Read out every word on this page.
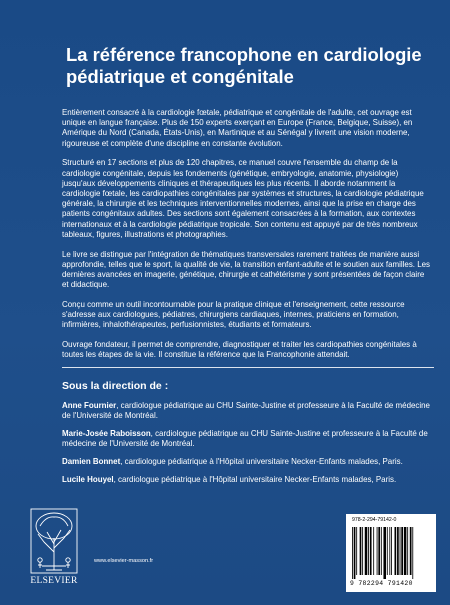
La référence francophone en cardiologie pédiatrique et congénitale

Entièrement consacré à la cardiologie fœtale, pédiatrique et congénitale de l'adulte, cet ouvrage est unique en langue française. Plus de 150 experts exerçant en Europe (France, Belgique, Suisse), en Amérique du Nord (Canada, États-Unis), en Martinique et au Sénégal y livrent une vision moderne, rigoureuse et complète d'une discipline en constante évolution.

Structuré en 17 sections et plus de 120 chapitres, ce manuel couvre l'ensemble du champ de la cardiologie congénitale, depuis les fondements (génétique, embryologie, anatomie, physiologie) jusqu'aux développements cliniques et thérapeutiques les plus récents. Il aborde notamment la cardiologie fœtale, les cardiopathies congénitales par systèmes et structures, la cardiologie pédiatrique générale, la chirurgie et les techniques interventionnelles modernes, ainsi que la prise en charge des patients congénitaux adultes. Des sections sont également consacrées à la formation, aux contextes internationaux et à la cardiologie pédiatrique tropicale. Son contenu est appuyé par de très nombreux tableaux, figures, illustrations et photographies.

Le livre se distingue par l'intégration de thématiques transversales rarement traitées de manière aussi approfondie, telles que le sport, la qualité de vie, la transition enfant-adulte et le soutien aux familles. Les dernières avancées en imagerie, génétique, chirurgie et cathétérisme y sont présentées de façon claire et didactique.

Conçu comme un outil incontournable pour la pratique clinique et l'enseignement, cette ressource s'adresse aux cardiologues, pédiatres, chirurgiens cardiaques, internes, praticiens en formation, infirmières, inhalothérapeutes, perfusionnistes, étudiants et formateurs.

Ouvrage fondateur, il permet de comprendre, diagnostiquer et traiter les cardiopathies congénitales à toutes les étapes de la vie. Il constitue la référence que la Francophonie attendait.

Sous la direction de :
Anne Fournier, cardiologue pédiatrique au CHU Sainte-Justine et professeure à la Faculté de médecine de l'Université de Montréal.
Marie-Josée Raboisson, cardiologue pédiatrique au CHU Sainte-Justine et professeure à la Faculté de médecine de l'Université de Montréal.
Damien Bonnet, cardiologue pédiatrique à l'Hôpital universitaire Necker-Enfants malades, Paris.
Lucile Houyel, cardiologue pédiatrique à l'Hôpital universitaire Necker-Enfants malades, Paris.
ELSEVIER
www.elsevier-masson.fr
978-2-294-79142-0
9 782294 791420
